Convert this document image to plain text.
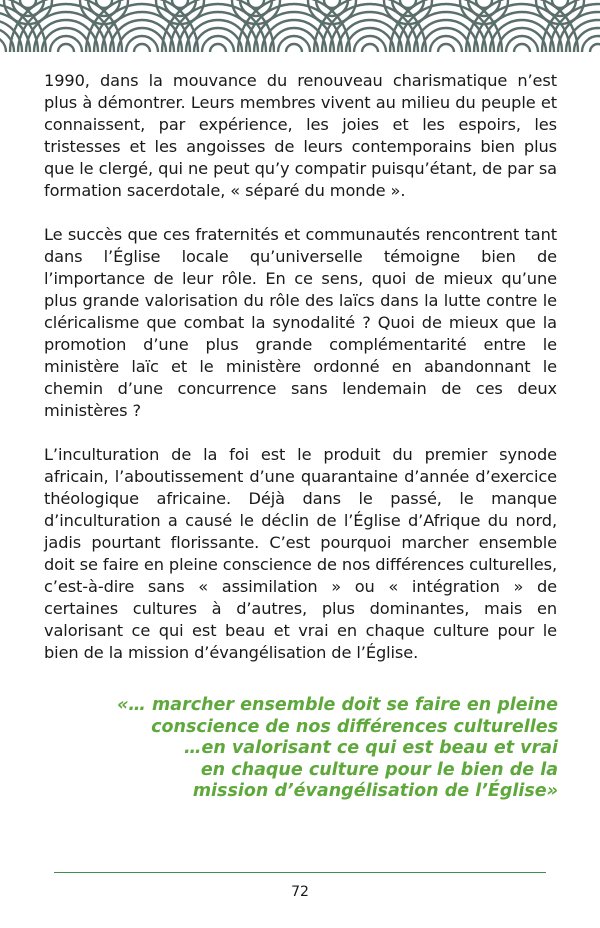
1990, dans la mouvance du renouveau charismatique n’est plus à démontrer. Leurs membres vivent au milieu du peuple et connaissent, par expérience, les joies et les espoirs, les tristesses et les angoisses de leurs contemporains bien plus que le clergé, qui ne peut qu’y compatir puisqu’étant, de par sa formation sacerdotale, « séparé du monde ».

Le succès que ces fraternités et communautés rencontrent tant dans l’Église locale qu’universelle témoigne bien de l’importance de leur rôle. En ce sens, quoi de mieux qu’une plus grande valorisation du rôle des laïcs dans la lutte contre le cléricalisme que combat la synodalité ? Quoi de mieux que la promotion d’une plus grande complémentarité entre le ministère laïc et le ministère ordonné en abandonnant le chemin d’une concurrence sans lendemain de ces deux ministères ?

L’inculturation de la foi est le produit du premier synode africain, l’aboutissement d’une quarantaine d’année d’exercice théologique africaine. Déjà dans le passé, le manque d’inculturation a causé le déclin de l’Église d’Afrique du nord, jadis pourtant florissante. C’est pourquoi marcher ensemble doit se faire en pleine conscience de nos différences culturelles, c’est-à-dire sans « assimilation » ou « intégration » de certaines cultures à d’autres, plus dominantes, mais en valorisant ce qui est beau et vrai en chaque culture pour le bien de la mission d’évangélisation de l’Église.

«… marcher ensemble doit se faire en pleine
conscience de nos différences culturelles
…en valorisant ce qui est beau et vrai
en chaque culture pour le bien de la
mission d’évangélisation de l’Église»
72
